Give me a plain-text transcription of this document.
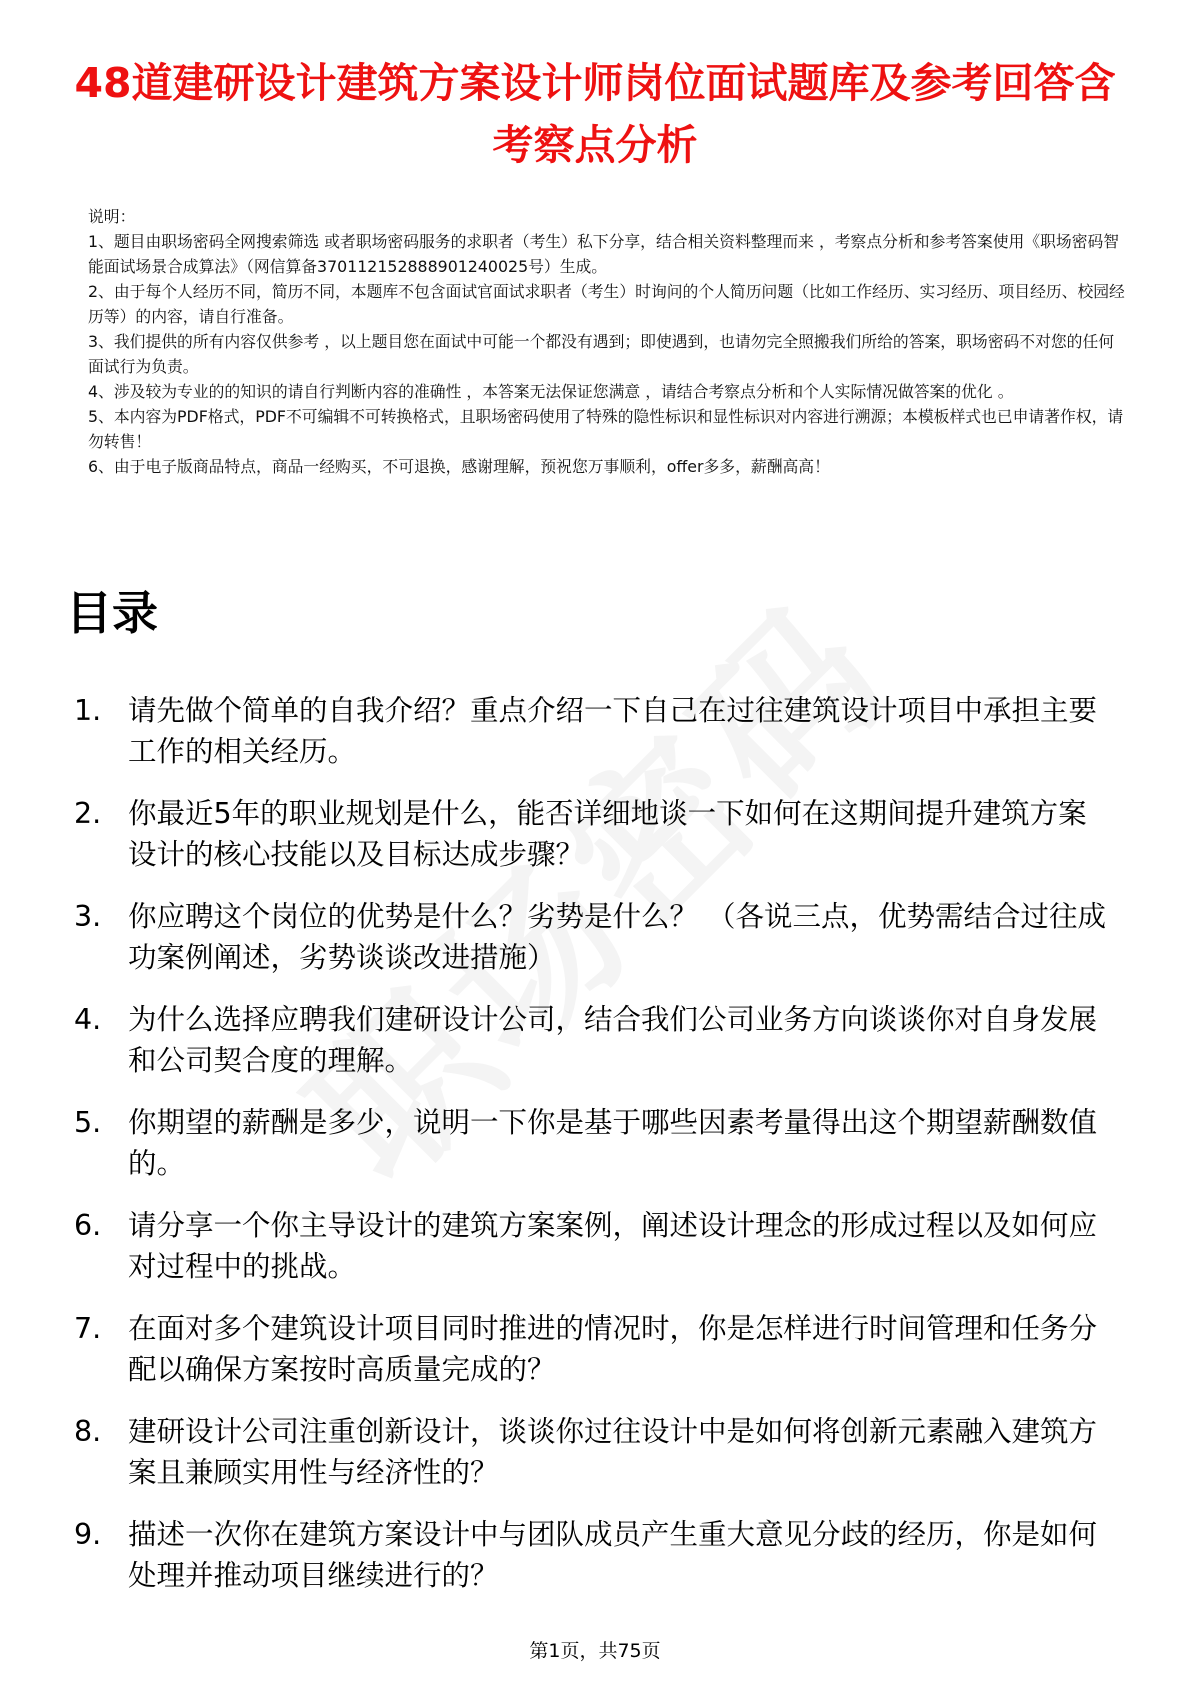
48道建研设计建筑方案设计师岗位面试题库及参考回答含考察点分析

说明：

1、题目由职场密码全网搜索筛选 或者职场密码服务的求职者（考生）私下分享，结合相关资料整理而来 ，考察点分析和参考答案使用《职场密码智能面试场景合成算法》（网信算备370112152888901240025号）生成。

2、由于每个人经历不同，简历不同，本题库不包含面试官面试求职者（考生）时询问的个人简历问题（比如工作经历、实习经历、项目经历、校园经历等）的内容，请自行准备。

3、我们提供的所有内容仅供参考 ，以上题目您在面试中可能一个都没有遇到；即使遇到，也请勿完全照搬我们所给的答案，职场密码不对您的任何面试行为负责。

4、涉及较为专业的的知识的请自行判断内容的准确性 ，本答案无法保证您满意 ，请结合考察点分析和个人实际情况做答案的优化 。

5、本内容为PDF格式，PDF不可编辑不可转换格式，且职场密码使用了特殊的隐性标识和显性标识对内容进行溯源；本模板样式也已申请著作权，请勿转售！

6、由于电子版商品特点，商品一经购买，不可退换，感谢理解，预祝您万事顺利，offer多多，薪酬高高！

目录
1. 请先做个简单的自我介绍？重点介绍一下自己在过往建筑设计项目中承担主要工作的相关经历。
2. 你最近5年的职业规划是什么，能否详细地谈一下如何在这期间提升建筑方案设计的核心技能以及目标达成步骤？
3. 你应聘这个岗位的优势是什么？劣势是什么？ （各说三点，优势需结合过往成功案例阐述，劣势谈谈改进措施）
4. 为什么选择应聘我们建研设计公司，结合我们公司业务方向谈谈你对自身发展和公司契合度的理解。
5. 你期望的薪酬是多少，说明一下你是基于哪些因素考量得出这个期望薪酬数值的。
6. 请分享一个你主导设计的建筑方案案例，阐述设计理念的形成过程以及如何应对过程中的挑战。
7. 在面对多个建筑设计项目同时推进的情况时，你是怎样进行时间管理和任务分配以确保方案按时高质量完成的？
8. 建研设计公司注重创新设计，谈谈你过往设计中是如何将创新元素融入建筑方案且兼顾实用性与经济性的？
9. 描述一次你在建筑方案设计中与团队成员产生重大意见分歧的经历，你是如何处理并推动项目继续进行的？
第1页，共75页
